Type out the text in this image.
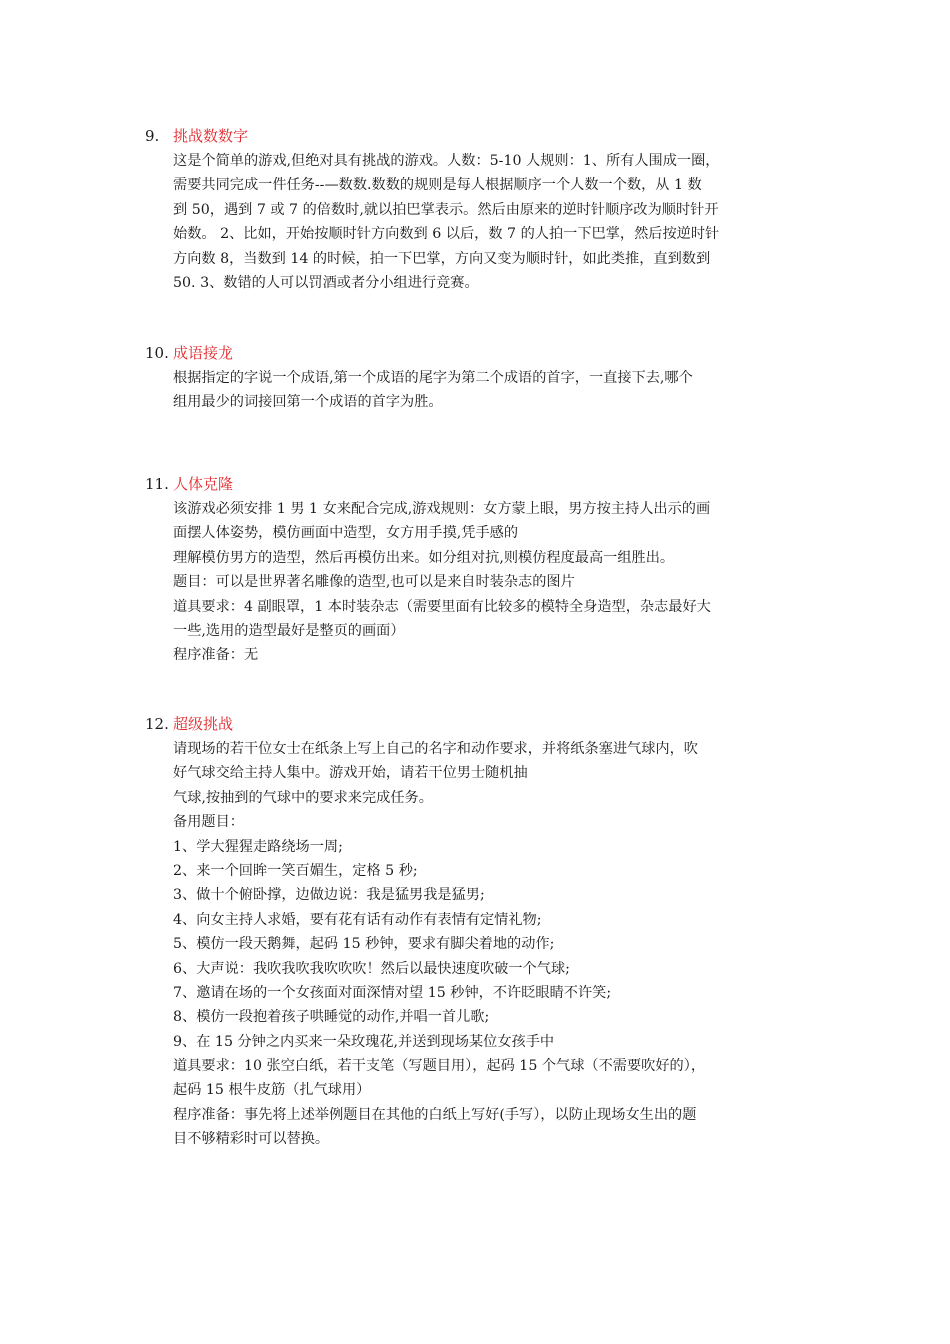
9. 挑战数数字
这是个简单的游戏,但绝对具有挑战的游戏。人数：5-10 人规则：1、所有人围成一圈，
需要共同完成一件任务--—数数.数数的规则是每人根据顺序一个人数一个数，从 1 数
到 50，遇到 7 或 7 的倍数时,就以拍巴掌表示。然后由原来的逆时针顺序改为顺时针开
始数。 2、比如，开始按顺时针方向数到 6 以后，数 7 的人拍一下巴掌，然后按逆时针
方向数 8，当数到 14 的时候，拍一下巴掌，方向又变为顺时针，如此类推，直到数到
50. 3、数错的人可以罚酒或者分小组进行竞赛。
10. 成语接龙
根据指定的字说一个成语,第一个成语的尾字为第二个成语的首字，一直接下去,哪个
组用最少的词接回第一个成语的首字为胜。
11. 人体克隆
该游戏必须安排 1 男 1 女来配合完成,游戏规则：女方蒙上眼，男方按主持人出示的画
面摆人体姿势，模仿画面中造型，女方用手摸,凭手感的
理解模仿男方的造型，然后再模仿出来。如分组对抗,则模仿程度最高一组胜出。
题目：可以是世界著名雕像的造型,也可以是来自时装杂志的图片
道具要求：4 副眼罩，1 本时装杂志（需要里面有比较多的模特全身造型，杂志最好大
一些,选用的造型最好是整页的画面）
程序准备：无
12. 超级挑战
请现场的若干位女士在纸条上写上自己的名字和动作要求，并将纸条塞进气球内，吹
好气球交给主持人集中。游戏开始，请若干位男士随机抽
气球,按抽到的气球中的要求来完成任务。
备用题目：
1、学大猩猩走路绕场一周;
2、来一个回眸一笑百媚生，定格 5 秒;
3、做十个俯卧撑，边做边说：我是猛男我是猛男;
4、向女主持人求婚，要有花有话有动作有表情有定情礼物;
5、模仿一段天鹅舞，起码 15 秒钟，要求有脚尖着地的动作;
6、大声说：我吹我吹我吹吹吹！然后以最快速度吹破一个气球;
7、邀请在场的一个女孩面对面深情对望 15 秒钟，不许眨眼睛不许笑;
8、模仿一段抱着孩子哄睡觉的动作,并唱一首儿歌;
9、在 15 分钟之内买来一朵玫瑰花,并送到现场某位女孩手中
道具要求：10 张空白纸，若干支笔（写题目用），起码 15 个气球（不需要吹好的），
起码 15 根牛皮筋（扎气球用）
程序准备：事先将上述举例题目在其他的白纸上写好(手写），以防止现场女生出的题
目不够精彩时可以替换。
